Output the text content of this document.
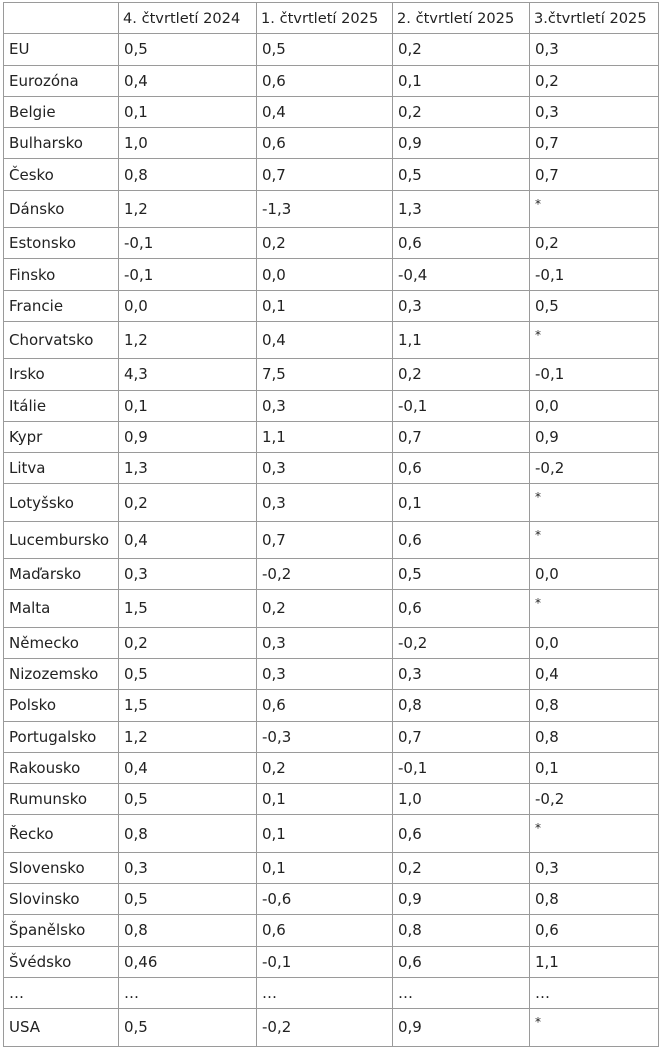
	4. čtvrtletí 2024	1. čtvrtletí 2025	2. čtvrtletí 2025	3.čtvrtletí 2025
EU	0,5	0,5	0,2	0,3
Eurozóna	0,4	0,6	0,1	0,2
Belgie	0,1	0,4	0,2	0,3
Bulharsko	1,0	0,6	0,9	0,7
Česko	0,8	0,7	0,5	0,7
Dánsko	1,2	-1,3	1,3	*
Estonsko	-0,1	0,2	0,6	0,2
Finsko	-0,1	0,0	-0,4	-0,1
Francie	0,0	0,1	0,3	0,5
Chorvatsko	1,2	0,4	1,1	*
Irsko	4,3	7,5	0,2	-0,1
Itálie	0,1	0,3	-0,1	0,0
Kypr	0,9	1,1	0,7	0,9
Litva	1,3	0,3	0,6	-0,2
Lotyšsko	0,2	0,3	0,1	*
Lucembursko	0,4	0,7	0,6	*
Maďarsko	0,3	-0,2	0,5	0,0
Malta	1,5	0,2	0,6	*
Německo	0,2	0,3	-0,2	0,0
Nizozemsko	0,5	0,3	0,3	0,4
Polsko	1,5	0,6	0,8	0,8
Portugalsko	1,2	-0,3	0,7	0,8
Rakousko	0,4	0,2	-0,1	0,1
Rumunsko	0,5	0,1	1,0	-0,2
Řecko	0,8	0,1	0,6	*
Slovensko	0,3	0,1	0,2	0,3
Slovinsko	0,5	-0,6	0,9	0,8
Španělsko	0,8	0,6	0,8	0,6
Švédsko	0,46	-0,1	0,6	1,1
…	…	…	…	…
USA	0,5	-0,2	0,9	*
